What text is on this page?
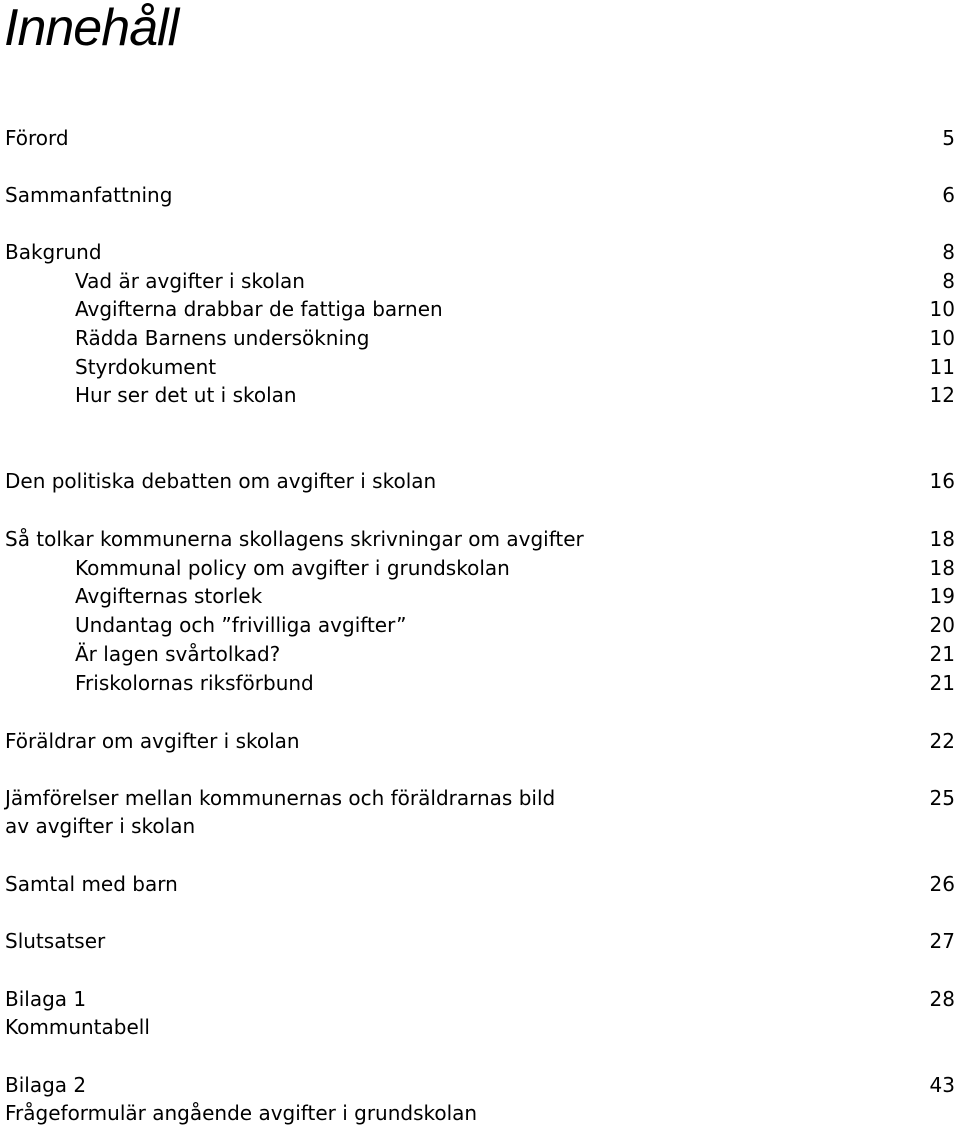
Innehåll
Förord	5
Sammanfattning	6
Bakgrund	8
Vad är avgifter i skolan	8
Avgifterna drabbar de fattiga barnen	10
Rädda Barnens undersökning	10
Styrdokument	11
Hur ser det ut i skolan	12
Den politiska debatten om avgifter i skolan	16
Så tolkar kommunerna skollagens skrivningar om avgifter	18
Kommunal policy om avgifter i grundskolan	18
Avgifternas storlek	19
Undantag och ”frivilliga avgifter”	20
Är lagen svårtolkad?	21
Friskolornas riksförbund	21
Föräldrar om avgifter i skolan	22
Jämförelser mellan kommunernas och föräldrarnas bild	25
av avgifter i skolan
Samtal med barn	26
Slutsatser	27
Bilaga 1	28
Kommuntabell
Bilaga 2	43
Frågeformulär angående avgifter i grundskolan
